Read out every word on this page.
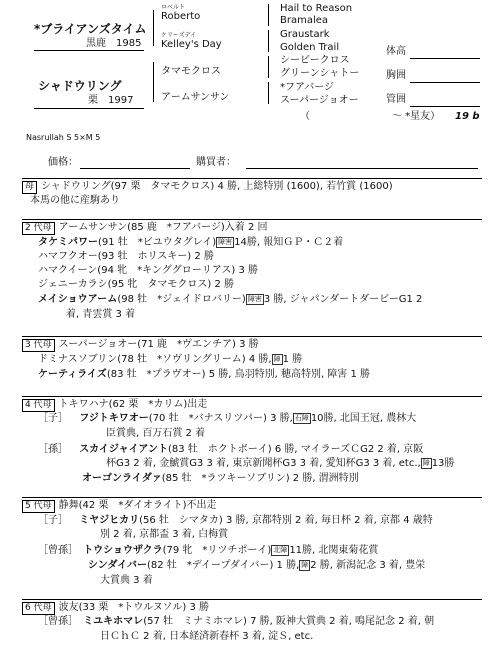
*ブライアンズタイム
黒鹿　1985
ロベルト
Roberto
ケリーズデイ
Kelley's Day
シャドウリング
栗　1997
タマモクロス
アームサンサン
Hail to Reason
Bramalea
Graustark
Golden Trail
シービークロス
グリーンシャトー
*フアバージ
スーパージョオー
体高
胸囲
管囲
（	～ *星友） 19 b
Nasrullah S 5×M 5
価格：	購買者：
母 シャドウリング(97 栗　タマモクロス) 4 勝, 上総特別 (1600), 若竹賞 (1600)
本馬の他に産駒あり
2 代母 アームサンサン(85 鹿　*フアバージ)入着 2 回
タケミパワー(91 牡　*ビユウタグレイ) 障害 14勝, 報知ＧＰ・Ｃ２着
ハマフクオー(93 牡　ホリスキー) 2 勝
ハマクイーン(94 牝　*キンググローリアス) 3 勝
ジェニーカラシ(95 牝　タマモクロス) 2 勝
メイショウアーム(98 牡　*ジェイドロバリー) 障害 3 勝, ジャパンダートダービーG1 2
着, 青雲賞 3 着
3 代母 スーパージョオー(71 鹿　*ヴエンチア) 3 勝
ドミナスソブリン(78 牡　*ソヴリングリーム) 4 勝, 障 1 勝
ケーティライズ(83 牡　*プラヴオー) 5 勝, 鳥羽特別, 穂高特別, 障害 1 勝
4 代母 トキワハナ(62 栗　*カリム)出走
［子］ フジトキワオー(70 牡　*バナスリツパー) 3 勝, 石障 10勝, 北国王冠, 農林大
臣賞典, 百万石賞 2 着
［孫］ スカイジャイアント(83 牡　ホクトボーイ) 6 勝, マイラーズＣG2 2 着, 京阪
杯G3 2 着, 金鯱賞G3 3 着, 東京新聞杯G3 3 着, 愛知杯G3 3 着, etc., 障 13勝
オーゴンライダァ(85 牡　*ラツキーソブリン) 2 勝, 渭洲特別
5 代母 静舞(42 栗　*ダイオライト)不出走
［子］ ミヤジヒカリ(56 牡　シマタカ) 3 勝, 京都特別 2 着, 毎日杯 2 着, 京都 4 歳特
別 2 着, 京都盃 3 着, 白梅賞
［曾孫］ トウショウザクラ(79 牝　*リツチポーイ) 北障 11勝, 北関東菊花賞
シンダイバー(82 牡　*デイープダイバー) 1 勝, 障 2 勝, 新潟記念 3 着, 豊栄
大賞典 3 着
6 代母 波友(33 栗　*トウルヌソル) 3 勝
［曾孫］ ミユキホマレ(57 牡　ミナミホマレ) 7 勝, 阪神大賞典 2 着, 鳴尾記念 2 着, 朝
日ＣｈＣ 2 着, 日本経済新春杯 3 着, 淀Ｓ, etc.
